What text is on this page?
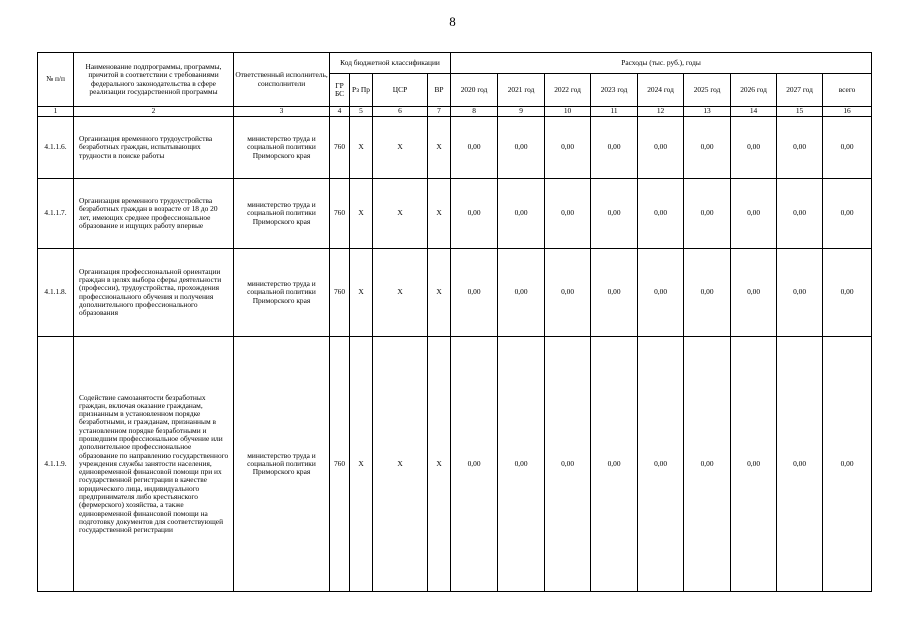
8
№ п/п	Наименование подпрограммы, программы, причитой в соответствии с требованиями федерального законодательства в сфере реализации государственной программы	Ответственный исполнитель, соисполнители	Код бюджетной классификации				Расходы (тыс. руб.), годы								
			ГР БС	Рз Пр	ЦСР	ВР	2020 год	2021 год	2022 год	2023 год	2024 год	2025 год	2026 год	2027 год	всего
1	2	3	4	5	6	7	8	9	10	11	12	13	14	15	16
4.1.1.6.	Организация временного трудоустройства безработных граждан, испытывающих трудности в поиске работы	министерство труда и социальной политики Приморского края	760	X	X	X	0,00	0,00	0,00	0,00	0,00	0,00	0,00	0,00	0,00
4.1.1.7.	Организация временного трудоустройства безработных граждан в возрасте от 18 до 20 лет, имеющих среднее профессиональное образование и ищущих работу впервые	министерство труда и социальной политики Приморского края	760	X	X	X	0,00	0,00	0,00	0,00	0,00	0,00	0,00	0,00	0,00
4.1.1.8.	Организация профессиональной ориентации граждан в целях выбора сферы деятельности (профессии), трудоустройства, прохождения профессионального обучения и получения дополнительного профессионального образования	министерство труда и социальной политики Приморского края	760	X	X	X	0,00	0,00	0,00	0,00	0,00	0,00	0,00	0,00	0,00
4.1.1.9.	Содействие самозанятости безработных граждан, включая оказание гражданам, признанным в установленном порядке безработными, и гражданам, признанным в установленном порядке безработными и прошедшим профессиональное обучение или дополнительное профессиональное образование по направлению государственного учреждения службы занятости населения, единовременной финансовой помощи при их государственной регистрации в качестве юридического лица, индивидуального предпринимателя либо крестьянского (фермерского) хозяйства, а также единовременной финансовой помощи на подготовку документов для соответствующей государственной регистрации	министерство труда и социальной политики Приморского края	760	X	X	X	0,00	0,00	0,00	0,00	0,00	0,00	0,00	0,00	0,00
